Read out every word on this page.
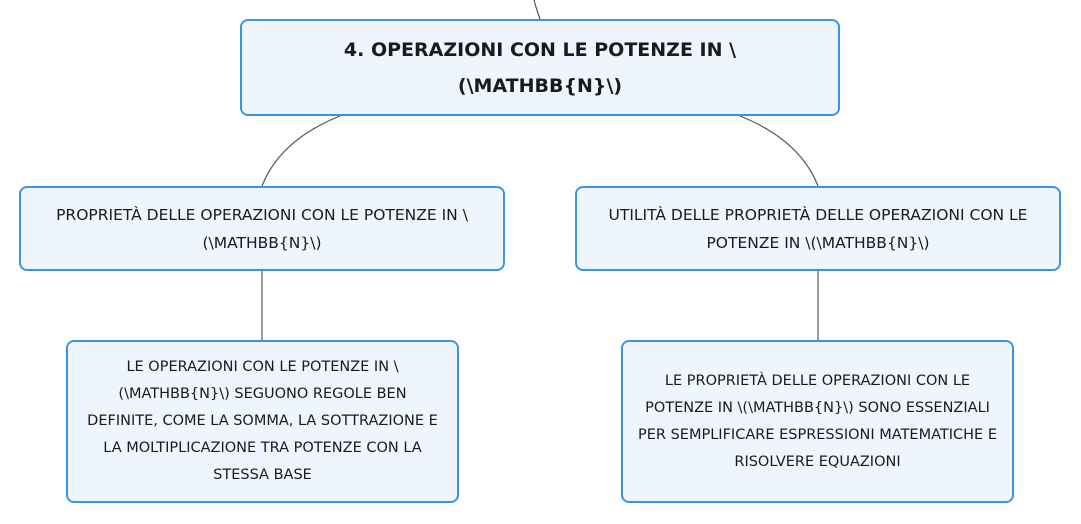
4. OPERAZIONI CON LE POTENZE IN \(\MATHBB{N}\)
PROPRIETÀ DELLE OPERAZIONI CON LE POTENZE IN \(\MATHBB{N}\)
UTILITÀ DELLE PROPRIETÀ DELLE OPERAZIONI CON LE POTENZE IN \(\MATHBB{N}\)
LE OPERAZIONI CON LE POTENZE IN \(\MATHBB{N}\) SEGUONO REGOLE BEN DEFINITE, COME LA SOMMA, LA SOTTRAZIONE E LA MOLTIPLICAZIONE TRA POTENZE CON LA STESSA BASE
LE PROPRIETÀ DELLE OPERAZIONI CON LE POTENZE IN \(\MATHBB{N}\) SONO ESSENZIALI PER SEMPLIFICARE ESPRESSIONI MATEMATICHE E RISOLVERE EQUAZIONI
